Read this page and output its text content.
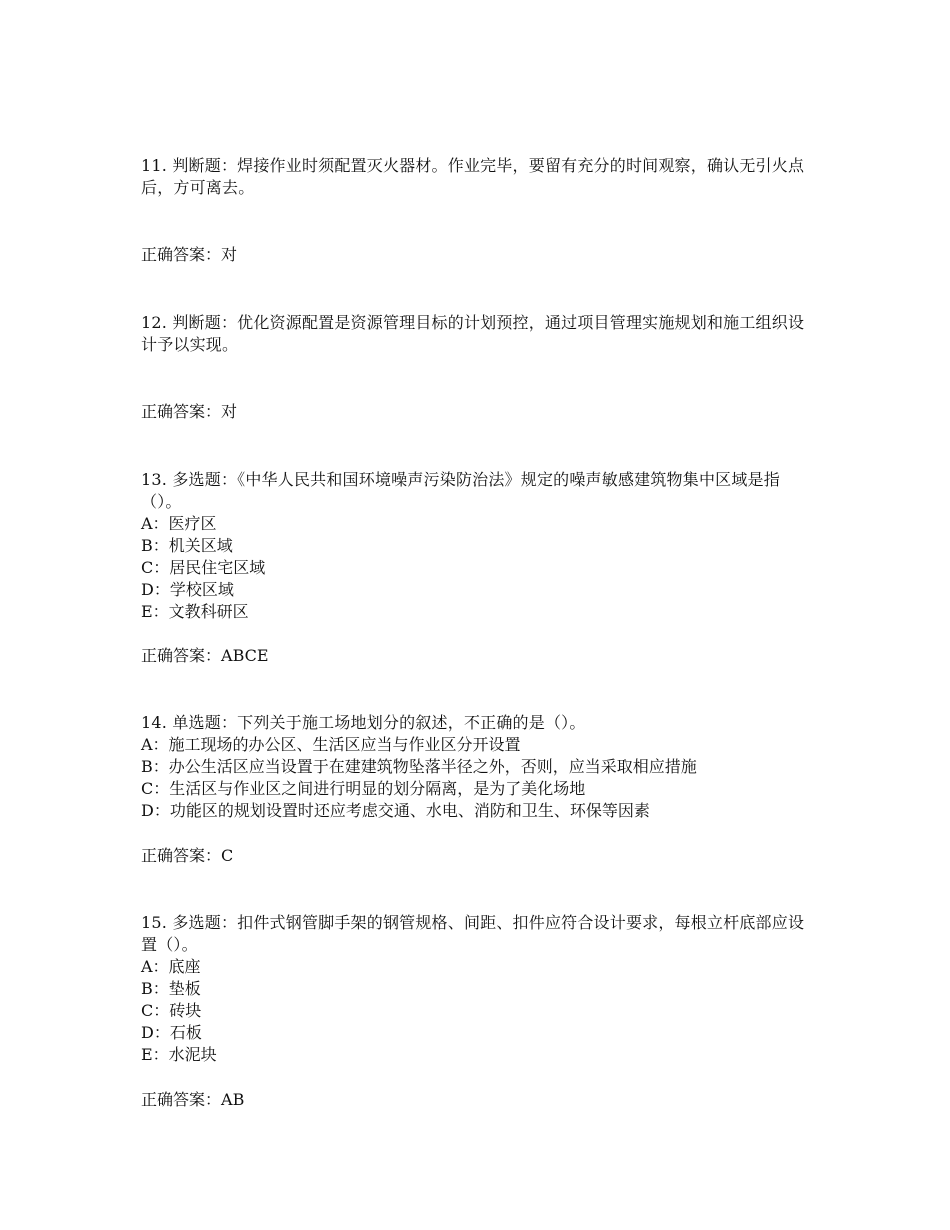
11. 判断题：焊接作业时须配置灭火器材。作业完毕，要留有充分的时间观察，确认无引火点后，方可离去。

正确答案：对

12. 判断题：优化资源配置是资源管理目标的计划预控，通过项目管理实施规划和施工组织设计予以实现。

正确答案：对

13. 多选题：《中华人民共和国环境噪声污染防治法》规定的噪声敏感建筑物集中区域是指（）。

A：医疗区

B：机关区域

C：居民住宅区域

D：学校区域

E：文教科研区

正确答案：ABCE

14. 单选题：下列关于施工场地划分的叙述，不正确的是（）。

A：施工现场的办公区、生活区应当与作业区分开设置

B：办公生活区应当设置于在建建筑物坠落半径之外，否则，应当采取相应措施

C：生活区与作业区之间进行明显的划分隔离，是为了美化场地

D：功能区的规划设置时还应考虑交通、水电、消防和卫生、环保等因素

正确答案：C

15. 多选题：扣件式钢管脚手架的钢管规格、间距、扣件应符合设计要求，每根立杆底部应设置（）。

A：底座

B：垫板

C：砖块

D：石板

E：水泥块

正确答案：AB
